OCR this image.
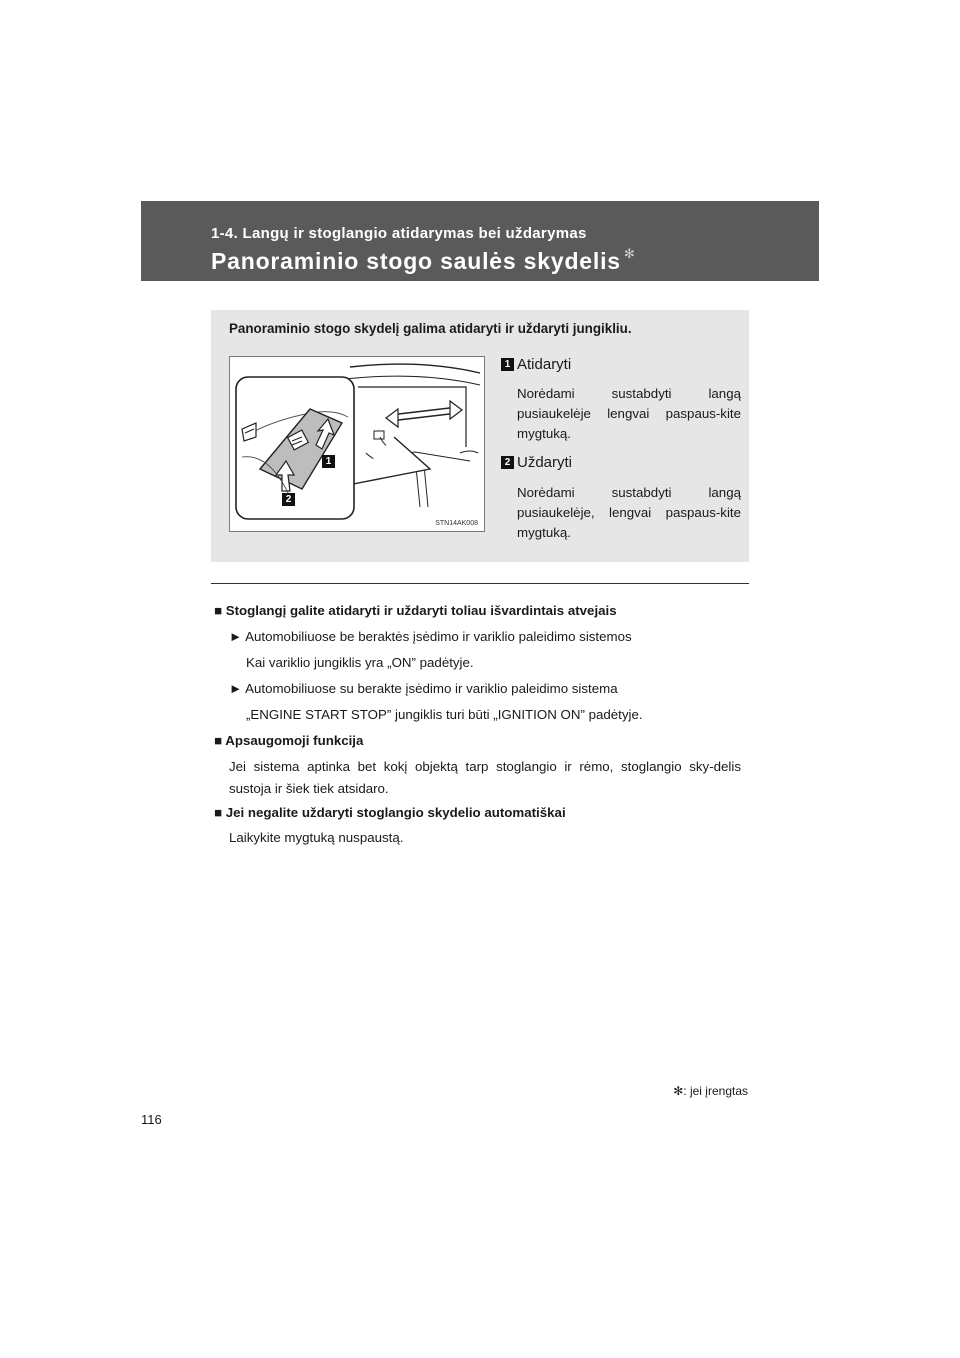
1-4. Langų ir stoglangio atidarymas bei uždarymas
Panoraminio stogo saulės skydelis ✻
Panoraminio stogo skydelį galima atidaryti ir uždaryti jungikliu.
1
2
STN14AK008
1 Atidaryti
Norėdami sustabdyti langą pusiaukelėje lengvai paspaus-kite mygtuką.
2 Uždaryti
Norėdami sustabdyti langą pusiaukelėje, lengvai paspaus-kite mygtuką.
■ Stoglangį galite atidaryti ir uždaryti toliau išvardintais atvejais
► Automobiliuose be beraktės įsėdimo ir variklio paleidimo sistemos
Kai variklio jungiklis yra „ON” padėtyje.
► Automobiliuose su berakte įsėdimo ir variklio paleidimo sistema
„ENGINE START STOP” jungiklis turi būti „IGNITION ON” padėtyje.
■ Apsaugomoji funkcija
Jei sistema aptinka bet kokį objektą tarp stoglangio ir rėmo, stoglangio sky-delis sustoja ir šiek tiek atsidaro.
■ Jei negalite uždaryti stoglangio skydelio automatiškai
Laikykite mygtuką nuspaustą.
✻: jei įrengtas
116
